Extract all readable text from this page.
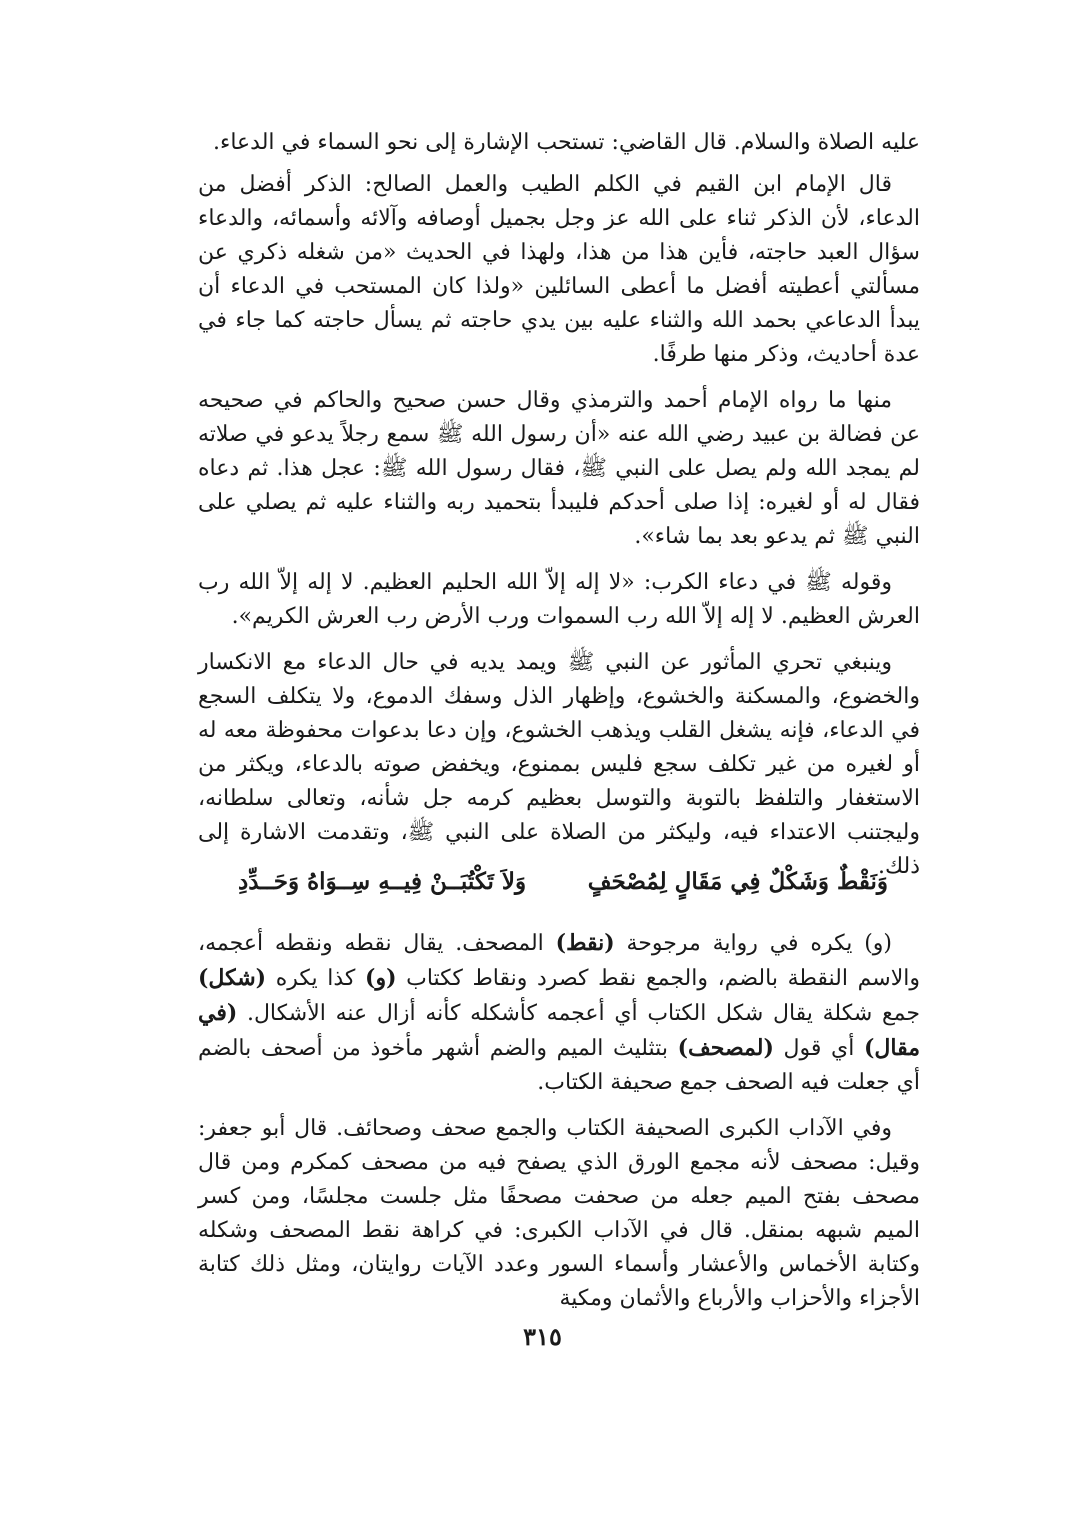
عليه الصلاة والسلام. قال القاضي: تستحب الإشارة إلى نحو السماء في الدعاء.

قال الإمام ابن القيم في الكلم الطيب والعمل الصالح: الذكر أفضل من الدعاء، لأن الذكر ثناء على الله عز وجل بجميل أوصافه وآلائه وأسمائه، والدعاء سؤال العبد حاجته، فأين هذا من هذا، ولهذا في الحديث «من شغله ذكري عن مسألتي أعطيته أفضل ما أعطى السائلين «ولذا كان المستحب في الدعاء أن يبدأ الدعاعي بحمد الله والثناء عليه بين يدي حاجته ثم يسأل حاجته كما جاء في عدة أحاديث، وذكر منها طرفًا.

منها ما رواه الإمام أحمد والترمذي وقال حسن صحيح والحاكم في صحيحه عن فضالة بن عبيد رضي الله عنه «أن رسول الله ﷺ سمع رجلاً يدعو في صلاته لم يمجد الله ولم يصل على النبي ﷺ، فقال رسول الله ﷺ: عجل هذا. ثم دعاه فقال له أو لغيره: إذا صلى أحدكم فليبدأ بتحميد ربه والثناء عليه ثم يصلي على النبي ﷺ ثم يدعو بعد بما شاء».

وقوله ﷺ في دعاء الكرب: «لا إله إلاّ الله الحليم العظيم. لا إله إلاّ الله رب العرش العظيم. لا إله إلاّ الله رب السموات ورب الأرض رب العرش الكريم».

وينبغي تحري المأثور عن النبي ﷺ ويمد يديه في حال الدعاء مع الانكسار والخضوع، والمسكنة والخشوع، وإظهار الذل وسفك الدموع، ولا يتكلف السجع في الدعاء، فإنه يشغل القلب ويذهب الخشوع، وإن دعا بدعوات محفوظة معه له أو لغيره من غير تكلف سجع فليس بممنوع، ويخفض صوته بالدعاء، ويكثر من الاستغفار والتلفظ بالتوبة والتوسل بعظيم كرمه جل شأنه، وتعالى سلطانه، وليجتنب الاعتداء فيه، وليكثر من الصلاة على النبي ﷺ، وتقدمت الاشارة إلى ذلك.

وَنَقْطٌ وَشَكْلٌ فِي مَقَالٍ لِمُصْحَفٍ
وَلاَ تَكْتُبَــنْ فِيــهِ سِــوَاهُ وَحَــدِّدِ

(و) يكره في رواية مرجوحة (نقط) المصحف. يقال نقطه ونقطه أعجمه، والاسم النقطة بالضم، والجمع نقط كصرد ونقاط ككتاب (و) كذا يكره (شكل) جمع شكلة يقال شكل الكتاب أي أعجمه كأشكله كأنه أزال عنه الأشكال. (في مقال) أي قول (لمصحف) بتثليث الميم والضم أشهر مأخوذ من أصحف بالضم أي جعلت فيه الصحف جمع صحيفة الكتاب.

وفي الآداب الكبرى الصحيفة الكتاب والجمع صحف وصحائف. قال أبو جعفر: وقيل: مصحف لأنه مجمع الورق الذي يصفح فيه من مصحف كمكرم ومن قال مصحف بفتح الميم جعله من صحفت مصحفًا مثل جلست مجلسًا، ومن كسر الميم شبهه بمنقل. قال في الآداب الكبرى: في كراهة نقط المصحف وشكله وكتابة الأخماس والأعشار وأسماء السور وعدد الآيات روايتان، ومثل ذلك كتابة الأجزاء والأحزاب والأرباع والأثمان ومكية

٣١٥
